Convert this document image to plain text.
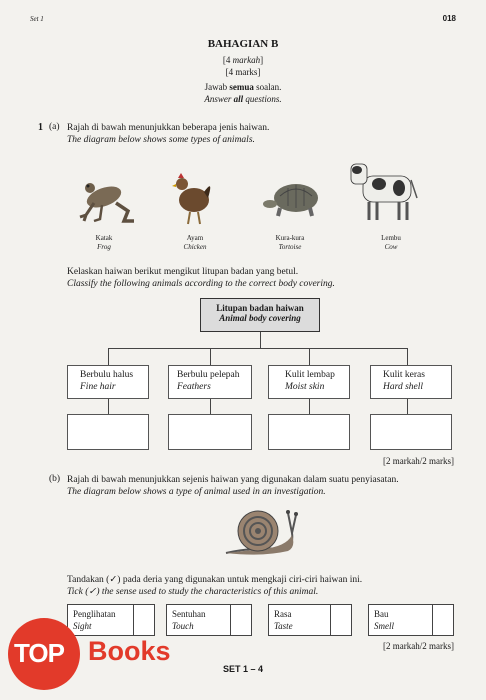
Set 1	018
BAHAGIAN B
[4 markah]
[4 marks]
Jawab semua soalan.
Answer all questions.
1 (a) Rajah di bawah menunjukkan beberapa jenis haiwan.
The diagram below shows some types of animals.
Katak
Frog
Ayam
Chicken
Kura-kura
Tortoise
Lembu
Cow
Kelaskan haiwan berikut mengikut litupan badan yang betul.
Classify the following animals according to the correct body covering.
Litupan badan haiwan
Animal body covering
Berbulu halus
Fine hair
Berbulu pelepah
Feathers
Kulit lembap
Moist skin
Kulit keras
Hard shell
[2 markah/2 marks]
(b) Rajah di bawah menunjukkan sejenis haiwan yang digunakan dalam suatu penyiasatan.
The diagram below shows a type of animal used in an investigation.
Tandakan (✓) pada deria yang digunakan untuk mengkaji ciri-ciri haiwan ini.
Tick (✓) the sense used to study the characteristics of this animal.
Penglihatan
Sight
Sentuhan
Touch
Rasa
Taste
Bau
Smell
[2 markah/2 marks]
SET 1 – 4
TOP Books
